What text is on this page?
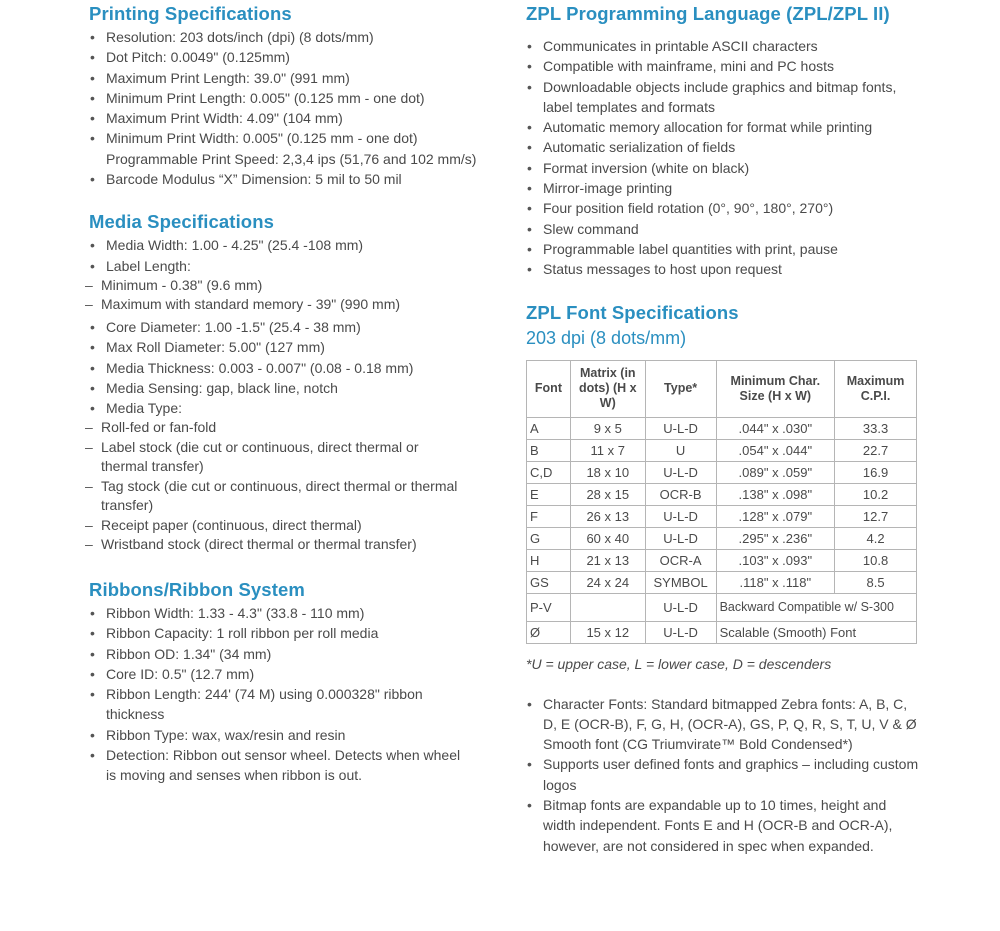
Printing Specifications
• Resolution: 203 dots/inch (dpi) (8 dots/mm)
• Dot Pitch: 0.0049" (0.125mm)
• Maximum Print Length: 39.0" (991 mm)
• Minimum Print Length: 0.005" (0.125 mm - one dot)
• Maximum Print Width: 4.09" (104 mm)
• Minimum Print Width: 0.005" (0.125 mm - one dot)
Programmable Print Speed: 2,3,4 ips (51,76 and 102 mm/s)
• Barcode Modulus “X” Dimension: 5 mil to 50 mil
Media Specifications
• Media Width: 1.00 - 4.25" (25.4 -108 mm)
• Label Length:
– Minimum - 0.38" (9.6 mm)
– Maximum with standard memory - 39" (990 mm)
• Core Diameter: 1.00 -1.5" (25.4 - 38 mm)
• Max Roll Diameter: 5.00" (127 mm)
• Media Thickness: 0.003 - 0.007" (0.08 - 0.18 mm)
• Media Sensing: gap, black line, notch
• Media Type:
– Roll-fed or fan-fold
– Label stock (die cut or continuous, direct thermal or thermal transfer)
– Tag stock (die cut or continuous, direct thermal or thermal transfer)
– Receipt paper (continuous, direct thermal)
– Wristband stock (direct thermal or thermal transfer)
Ribbons/Ribbon System
• Ribbon Width: 1.33 - 4.3" (33.8 - 110 mm)
• Ribbon Capacity: 1 roll ribbon per roll media
• Ribbon OD: 1.34" (34 mm)
• Core ID: 0.5" (12.7 mm)
• Ribbon Length: 244' (74 M) using 0.000328" ribbon thickness
• Ribbon Type: wax, wax/resin and resin
• Detection: Ribbon out sensor wheel. Detects when wheel is moving and senses when ribbon is out.
ZPL Programming Language (ZPL/ZPL II)
• Communicates in printable ASCII characters
• Compatible with mainframe, mini and PC hosts
• Downloadable objects include graphics and bitmap fonts, label templates and formats
• Automatic memory allocation for format while printing
• Automatic serialization of fields
• Format inversion (white on black)
• Mirror-image printing
• Four position field rotation (0°, 90°, 180°, 270°)
• Slew command
• Programmable label quantities with print, pause
• Status messages to host upon request
ZPL Font Specifications
203 dpi (8 dots/mm)
Font	Matrix (in dots) (H x W)	Type*	Minimum Char. Size (H x W)	Maximum C.P.I.
A	9 x 5	U-L-D	.044" x .030"	33.3
B	11 x 7	U	.054" x .044"	22.7
C,D	18 x 10	U-L-D	.089" x .059"	16.9
E	28 x 15	OCR-B	.138" x .098"	10.2
F	26 x 13	U-L-D	.128" x .079"	12.7
G	60 x 40	U-L-D	.295" x .236"	4.2
H	21 x 13	OCR-A	.103" x .093"	10.8
GS	24 x 24	SYMBOL	.118" x .118"	8.5
P-V		U-L-D	Backward Compatible w/ S-300	
Ø	15 x 12	U-L-D	Scalable (Smooth) Font	
*U = upper case, L = lower case, D = descenders
• Character Fonts: Standard bitmapped Zebra fonts: A, B, C, D, E (OCR-B), F, G, H, (OCR-A), GS, P, Q, R, S, T, U, V & Ø Smooth font (CG Triumvirate™ Bold Condensed*)
• Supports user defined fonts and graphics – including custom logos
• Bitmap fonts are expandable up to 10 times, height and width independent. Fonts E and H (OCR-B and OCR-A), however, are not considered in spec when expanded.
